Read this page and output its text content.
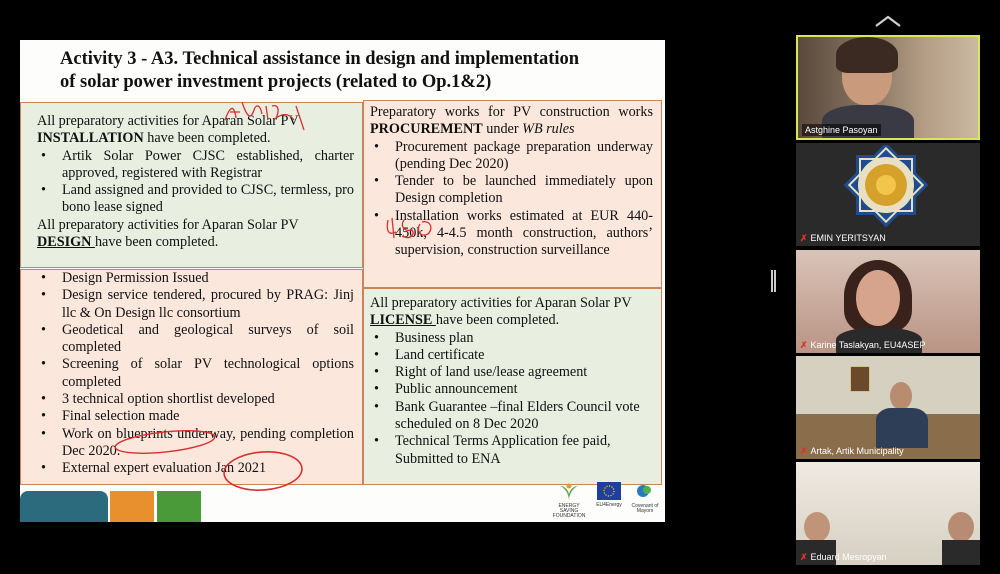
Activity 3 - A3. Technical assistance in design and implementation
of solar power investment projects (related to Op.1&2)
All preparatory activities for Aparan Solar PV
INSTALLATION have been completed.
• Artik Solar Power CJSC established, charter approved, registered with Registrar
• Land assigned and provided to CJSC, termless, pro bono lease signed
All preparatory activities for Aparan Solar PV
DESIGN have been completed.
• Design Permission Issued
• Design service tendered, procured by PRAG: Jinj llc & On Design llc consortium
• Geodetical and geological surveys of soil completed
• Screening of solar PV technological options completed
• 3 technical option shortlist developed
• Final selection made
• Work on blueprints underway, pending completion Dec 2020.
• External expert evaluation Jan 2021
Preparatory works for PV construction works PROCUREMENT under WB rules
• Procurement package preparation underway (pending Dec 2020)
• Tender to be launched immediately upon Design completion
• Installation works estimated at EUR 440-450k, 4-4.5 month construction, authors’ supervision, construction surveillance
All preparatory activities for Aparan Solar PV LICENSE have been completed.
• Business plan
• Land certificate
• Right of land use/lease agreement
• Public announcement
• Bank Guarantee –final Elders Council vote scheduled on 8 Dec 2020
• Technical Terms Application fee paid, Submitted to ENA
ENERGY SAVING FOUNDATION
EU4Energy	Covenant of Mayors
Astghine Pasoyan
✗ EMIN YERITSYAN
✗ Karine Taslakyan, EU4ASEP
✗ Artak, Artik Municipality
✗ Eduard Mesropyan
